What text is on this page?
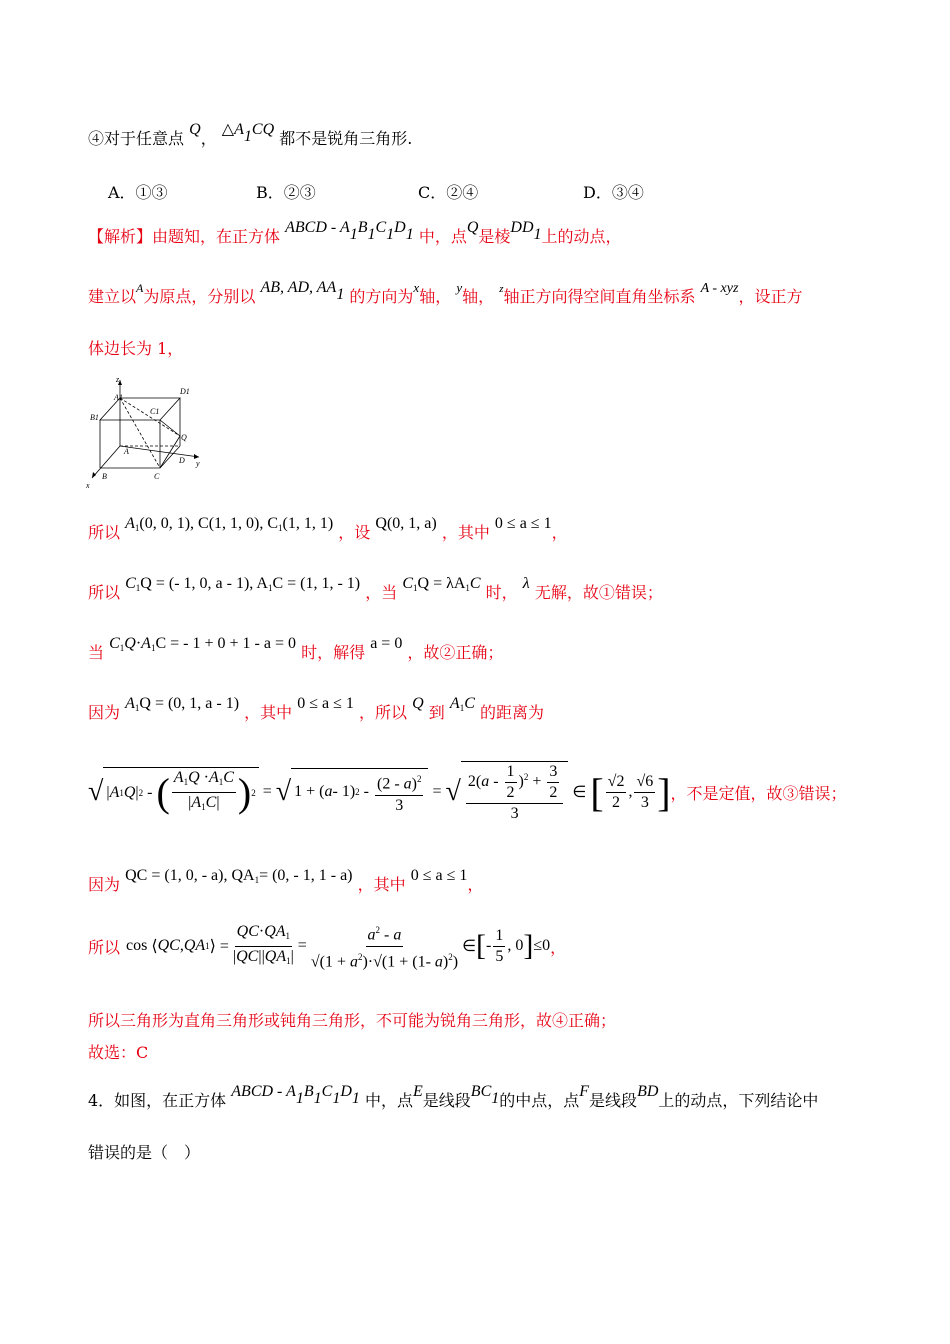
④对于任意点 Q， $\triangle A_1CQ$ 都不是锐角三角形.
A．①③	B．②③	C．②④	D．③④
【解析】由题知，在正方体 ABCD - $A_1B_1C_1D_1$ 中，点Q是棱$DD_1$上的动点，
建立以$^A$为原点，分别以 AB, AD, $AA_1$ 的方向为$^x$轴， $^y$轴， $^z$轴正方向得空间直角坐标系 A - xyz，设正方
体边长为 1，
z
A1
D1
B1
C1
Q
A
D y
B	C
x
所以 $A_1(0$, 0, 1), C(1, 1, 0), $C_1(1$, 1, 1) ，设 Q(0, 1, a) ，其中 0 ≤ a ≤ 1，
所以 $C_1Q$ = (- 1, 0, a - 1), $A_1C = (1$, 1, - 1) ，当 $C_1Q = \lambda A_1C$ 时， λ 无解，故①错误；
当 $C_1Q\cdot A_1C$ = - 1 + 0 + 1 - a = 0 时，解得 a = 0 ，故②正确；
因为 $A_1Q = (0$, 1, a - 1) ，其中 0 ≤ a ≤ 1 ，所以 Q 到 $A_1C$ 的距离为
√ | A 1 Q | 2 - ( $\frac{A_1Q \cdot A_1C}{|A_1C|}$ ) 2 = √ 1 + ( a - 1) $2 - \frac{(2 - a)^2}{3}$ = √ $\frac{2(a - \frac{1}{2} )^2 + \frac{3}{2}}{3}$ ∈ [ $\frac{√2}{2}$ , $\frac{√6}{3}$ ] ，不是定值，故③错误；
因为 QC = (1, 0, - a), $QA_1= (0$, - 1, 1 - a) ，其中 0 ≤ a ≤ 1，
所以 cos ⟨ QC , QA 1 ⟩ = $\frac{QC\cdot QA_1}{|QC||QA_1|} = \frac{a^2 - a}{√(1 + a^2)\cdot√(1 + (1- a)^2)}$ ∈ [ - $\frac{1}{5}$ , 0 ] ≤0 ，
所以三角形为直角三角形或钝角三角形，不可能为锐角三角形，故④正确；
故选：C
4．如图，在正方体 ABCD - $A_1B_1C_1D_1$ 中，点E是线段$BC_1$的中点，点F是线段BD上的动点，下列结论中
错误的是（　）
